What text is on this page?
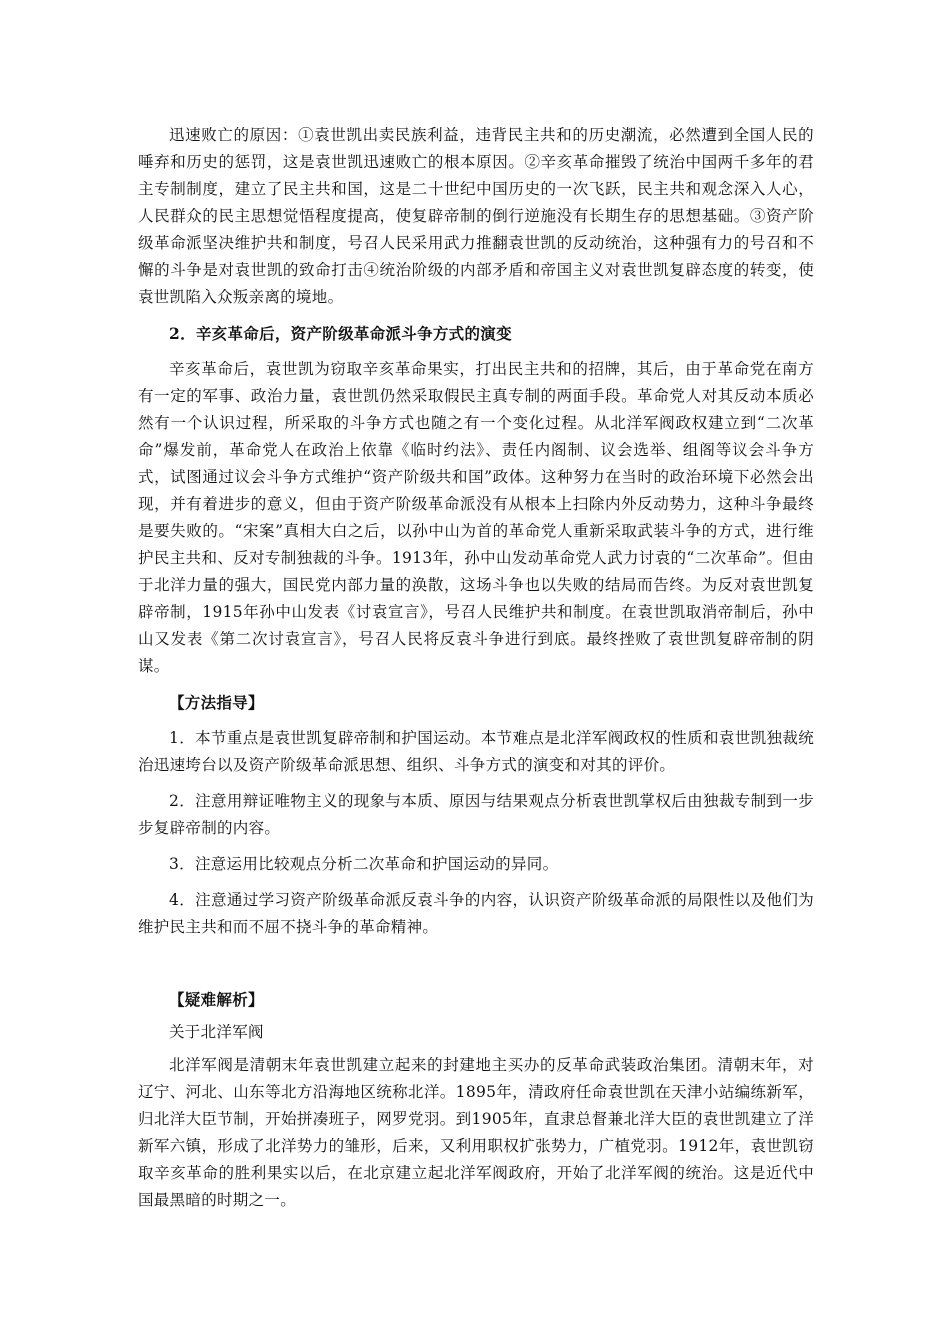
迅速败亡的原因：①袁世凯出卖民族利益，违背民主共和的历史潮流，必然遭到全国人民的唾弃和历史的惩罚，这是袁世凯迅速败亡的根本原因。②辛亥革命摧毁了统治中国两千多年的君主专制制度，建立了民主共和国，这是二十世纪中国历史的一次飞跃，民主共和观念深入人心，人民群众的民主思想觉悟程度提高，使复辟帝制的倒行逆施没有长期生存的思想基础。③资产阶级革命派坚决维护共和制度，号召人民采用武力推翻袁世凯的反动统治，这种强有力的号召和不懈的斗争是对袁世凯的致命打击④统治阶级的内部矛盾和帝国主义对袁世凯复辟态度的转变，使袁世凯陷入众叛亲离的境地。

2．辛亥革命后，资产阶级革命派斗争方式的演变

辛亥革命后，袁世凯为窃取辛亥革命果实，打出民主共和的招牌，其后，由于革命党在南方有一定的军事、政治力量，袁世凯仍然采取假民主真专制的两面手段。革命党人对其反动本质必然有一个认识过程，所采取的斗争方式也随之有一个变化过程。从北洋军阀政权建立到“二次革命”爆发前，革命党人在政治上依靠《临时约法》、责任内阁制、议会选举、组阁等议会斗争方式，试图通过议会斗争方式维护“资产阶级共和国”政体。这种努力在当时的政治环境下必然会出现，并有着进步的意义，但由于资产阶级革命派没有从根本上扫除内外反动势力，这种斗争最终是要失败的。“宋案”真相大白之后，以孙中山为首的革命党人重新采取武装斗争的方式，进行维护民主共和、反对专制独裁的斗争。1913年，孙中山发动革命党人武力讨袁的“二次革命”。但由于北洋力量的强大，国民党内部力量的涣散，这场斗争也以失败的结局而告终。为反对袁世凯复辟帝制，1915年孙中山发表《讨袁宣言》，号召人民维护共和制度。在袁世凯取消帝制后，孙中山又发表《第二次讨袁宣言》，号召人民将反袁斗争进行到底。最终挫败了袁世凯复辟帝制的阴谋。

【方法指导】

1．本节重点是袁世凯复辟帝制和护国运动。本节难点是北洋军阀政权的性质和袁世凯独裁统治迅速垮台以及资产阶级革命派思想、组织、斗争方式的演变和对其的评价。

2．注意用辩证唯物主义的现象与本质、原因与结果观点分析袁世凯掌权后由独裁专制到一步步复辟帝制的内容。

3．注意运用比较观点分析二次革命和护国运动的异同。

4．注意通过学习资产阶级革命派反袁斗争的内容，认识资产阶级革命派的局限性以及他们为维护民主共和而不屈不挠斗争的革命精神。

【疑难解析】

关于北洋军阀

北洋军阀是清朝末年袁世凯建立起来的封建地主买办的反革命武装政治集团。清朝末年，对辽宁、河北、山东等北方沿海地区统称北洋。1895年，清政府任命袁世凯在天津小站编练新军，归北洋大臣节制，开始拼凑班子，网罗党羽。到1905年，直隶总督兼北洋大臣的袁世凯建立了洋新军六镇，形成了北洋势力的雏形，后来，又利用职权扩张势力，广植党羽。1912年，袁世凯窃取辛亥革命的胜利果实以后，在北京建立起北洋军阀政府，开始了北洋军阀的统治。这是近代中国最黑暗的时期之一。
